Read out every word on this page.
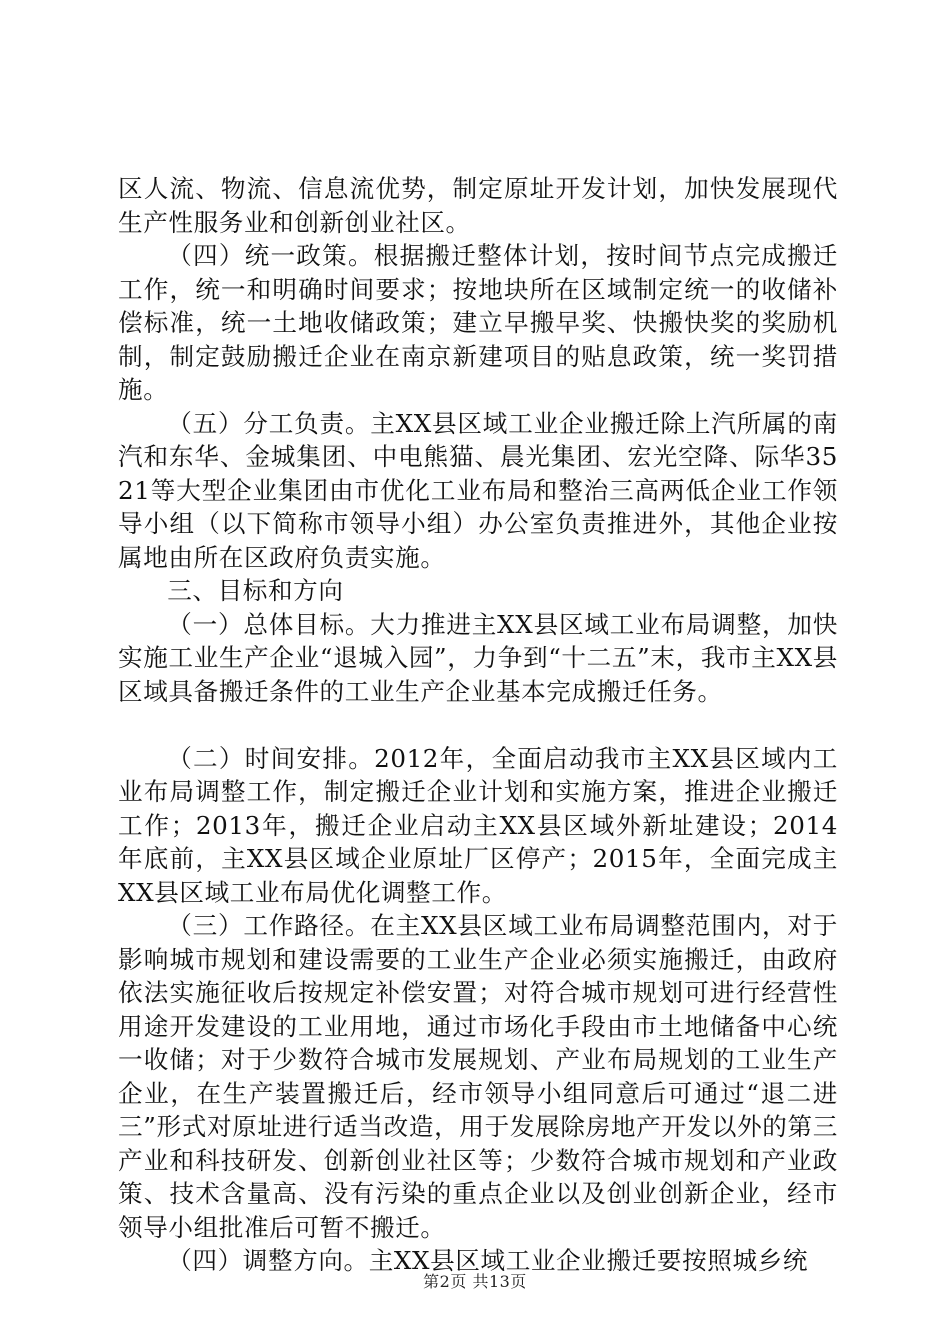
区人流、物流、信息流优势，制定原址开发计划，加快发展现代生产性服务业和创新创业社区。

（四）统一政策。根据搬迁整体计划，按时间节点完成搬迁工作，统一和明确时间要求；按地块所在区域制定统一的收储补偿标准，统一土地收储政策；建立早搬早奖、快搬快奖的奖励机制，制定鼓励搬迁企业在南京新建项目的贴息政策，统一奖罚措施。

（五）分工负责。主XX县区域工业企业搬迁除上汽所属的南汽和东华、金城集团、中电熊猫、晨光集团、宏光空降、际华3521等大型企业集团由市优化工业布局和整治三高两低企业工作领导小组（以下简称市领导小组）办公室负责推进外，其他企业按属地由所在区政府负责实施。

三、目标和方向

（一）总体目标。大力推进主XX县区域工业布局调整，加快实施工业生产企业“退城入园”，力争到“十二五”末，我市主XX县区域具备搬迁条件的工业生产企业基本完成搬迁任务。

（二）时间安排。2012年，全面启动我市主XX县区域内工业布局调整工作，制定搬迁企业计划和实施方案，推进企业搬迁工作；2013年，搬迁企业启动主XX县区域外新址建设；2014年底前，主XX县区域企业原址厂区停产；2015年，全面完成主XX县区域工业布局优化调整工作。

（三）工作路径。在主XX县区域工业布局调整范围内，对于影响城市规划和建设需要的工业生产企业必须实施搬迁，由政府依法实施征收后按规定补偿安置；对符合城市规划可进行经营性用途开发建设的工业用地，通过市场化手段由市土地储备中心统一收储；对于少数符合城市发展规划、产业布局规划的工业生产企业，在生产装置搬迁后，经市领导小组同意后可通过“退二进三”形式对原址进行适当改造，用于发展除房地产开发以外的第三产业和科技研发、创新创业社区等；少数符合城市规划和产业政策、技术含量高、没有污染的重点企业以及创业创新企业，经市领导小组批准后可暂不搬迁。

（四）调整方向。主XX县区域工业企业搬迁要按照城乡统

第2页 共13页
